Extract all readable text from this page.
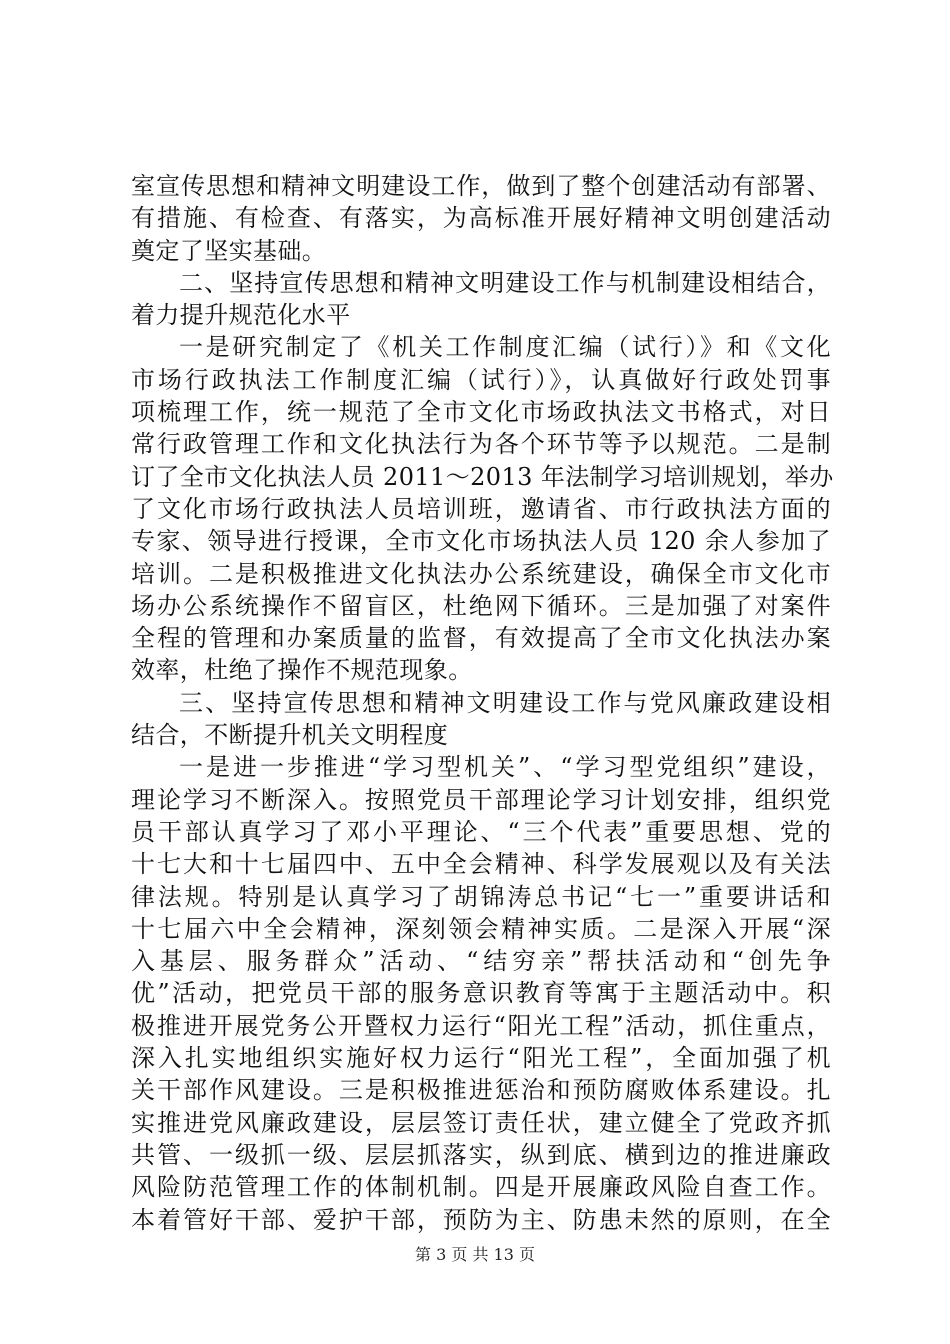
室宣传思想和精神文明建设工作，做到了整个创建活动有部署、
有措施、有检查、有落实，为高标准开展好精神文明创建活动
奠定了坚实基础。
二、坚持宣传思想和精神文明建设工作与机制建设相结合，
着力提升规范化水平
一是研究制定了《机关工作制度汇编（试行）》和《文化
市场行政执法工作制度汇编（试行）》，认真做好行政处罚事
项梳理工作，统一规范了全市文化市场政执法文书格式，对日
常行政管理工作和文化执法行为各个环节等予以规范。二是制
订了全市文化执法人员 2011～2013 年法制学习培训规划，举办
了文化市场行政执法人员培训班，邀请省、市行政执法方面的
专家、领导进行授课，全市文化市场执法人员 120 余人参加了
培训。二是积极推进文化执法办公系统建设，确保全市文化市
场办公系统操作不留盲区，杜绝网下循环。三是加强了对案件
全程的管理和办案质量的监督，有效提高了全市文化执法办案
效率，杜绝了操作不规范现象。
三、坚持宣传思想和精神文明建设工作与党风廉政建设相
结合，不断提升机关文明程度
一是进一步推进“学习型机关”、“学习型党组织”建设，
理论学习不断深入。按照党员干部理论学习计划安排，组织党
员干部认真学习了邓小平理论、“三个代表”重要思想、党的
十七大和十七届四中、五中全会精神、科学发展观以及有关法
律法规。特别是认真学习了胡锦涛总书记“七一”重要讲话和
十七届六中全会精神，深刻领会精神实质。二是深入开展“深
入基层、服务群众”活动、“结穷亲”帮扶活动和“创先争
优”活动，把党员干部的服务意识教育等寓于主题活动中。积
极推进开展党务公开暨权力运行“阳光工程”活动，抓住重点，
深入扎实地组织实施好权力运行“阳光工程”，全面加强了机
关干部作风建设。三是积极推进惩治和预防腐败体系建设。扎
实推进党风廉政建设，层层签订责任状，建立健全了党政齐抓
共管、一级抓一级、层层抓落实，纵到底、横到边的推进廉政
风险防范管理工作的体制机制。四是开展廉政风险自查工作。
本着管好干部、爱护干部，预防为主、防患未然的原则，在全
第 3 页 共 13 页
